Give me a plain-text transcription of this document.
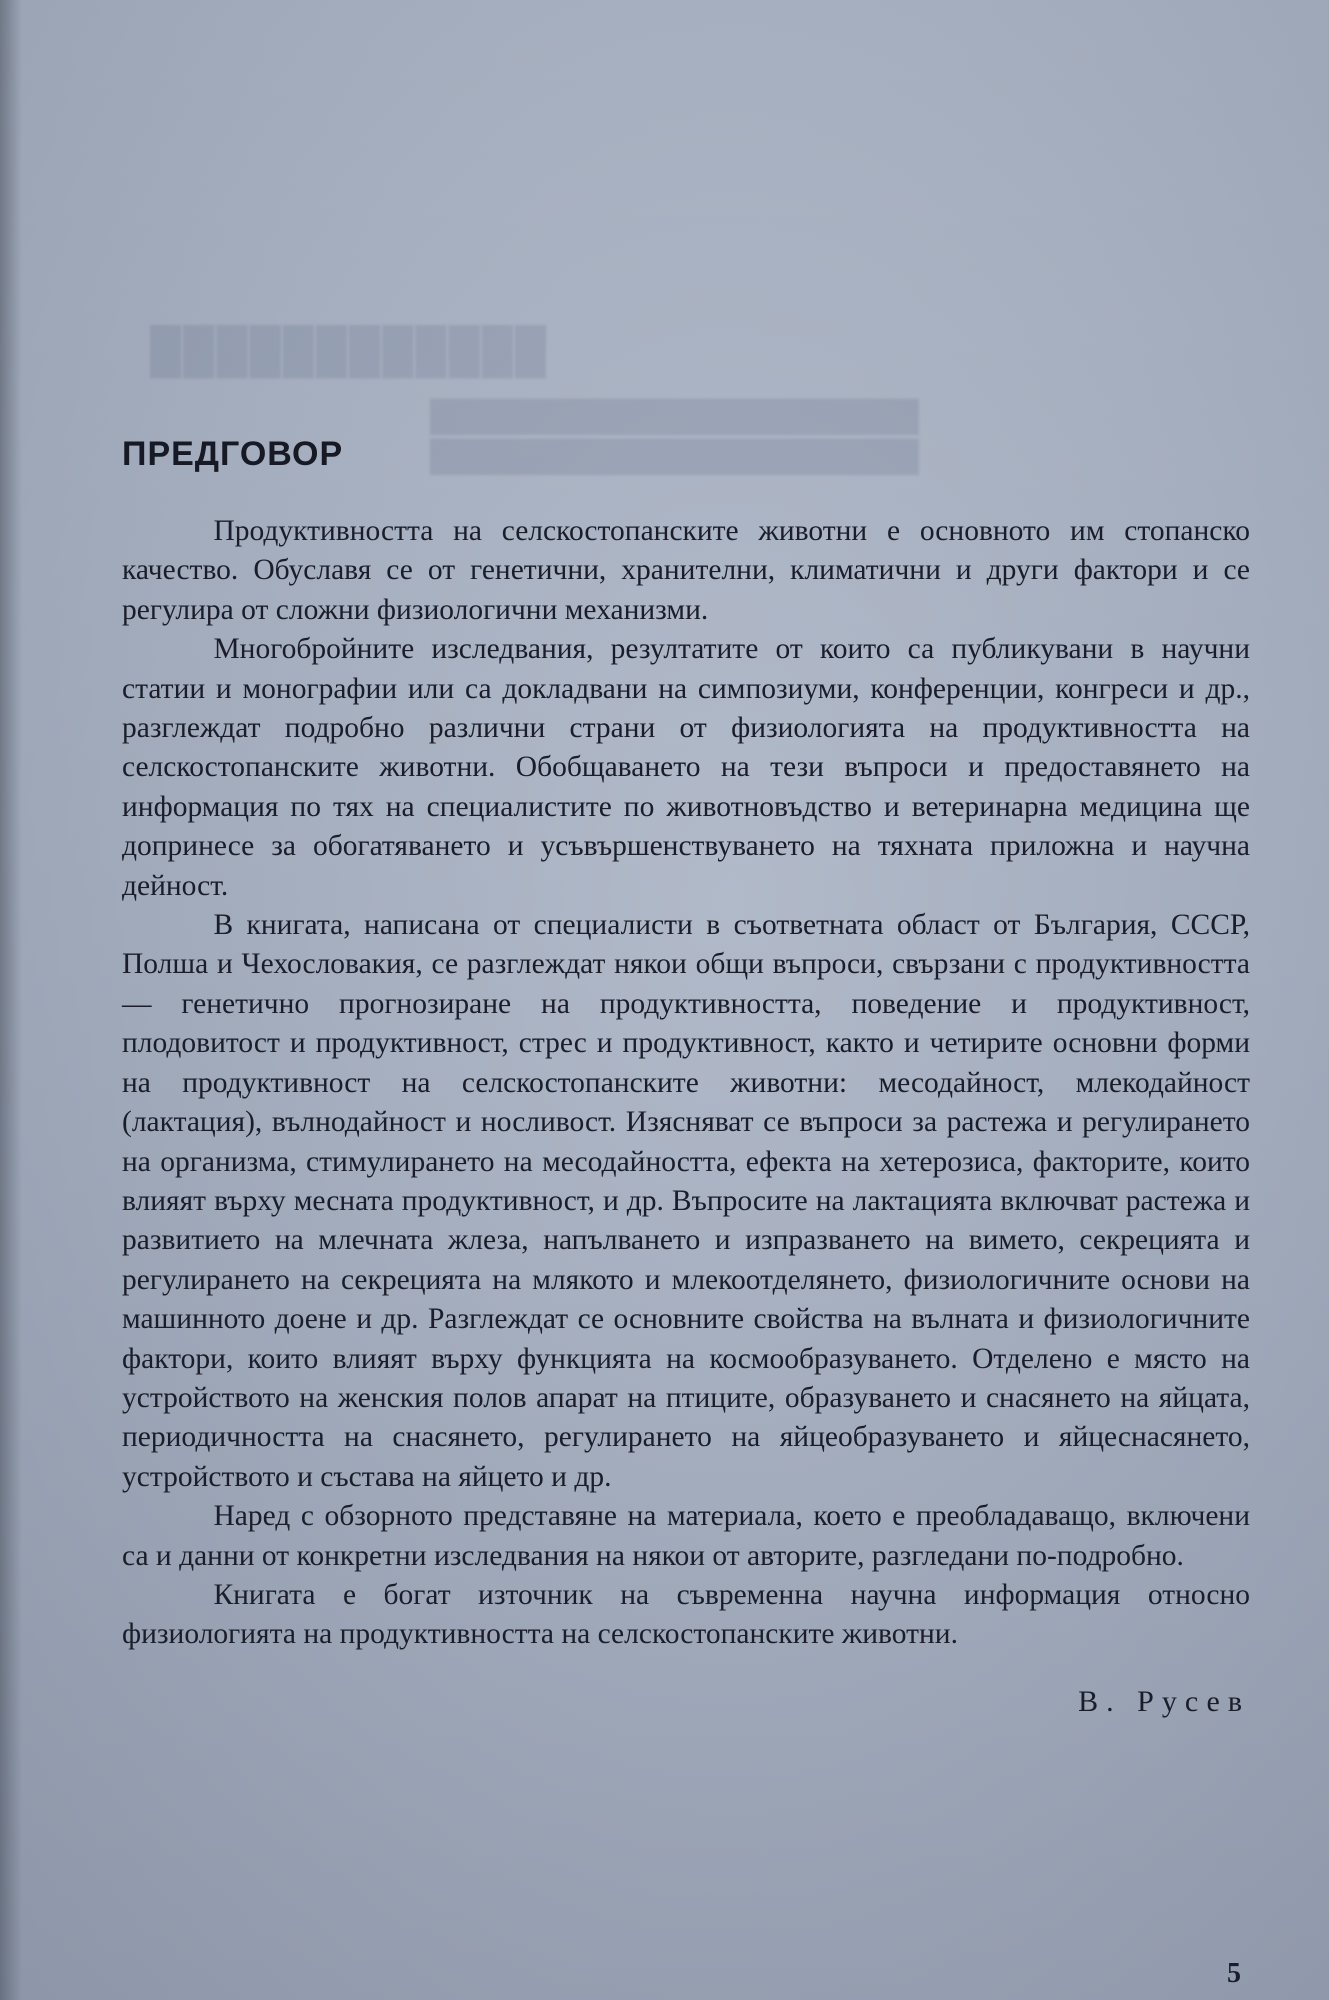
████████████
███████████████████████
███████████████████████
ПРЕДГОВОР

Продуктивността на селскостопанските животни е основното им стопанско качество. Обуславя се от генетични, хранителни, климатични и други фактори и се регулира от сложни физиологични механизми.

Многобройните изследвания, резултатите от които са публикувани в научни статии и монографии или са докладвани на симпозиуми, конференции, конгреси и др., разглеждат подробно различни страни от физиологията на продуктивността на селскостопанските животни. Обобщаването на тези въпроси и предоставянето на информация по тях на специалистите по животновъдство и ветеринарна медицина ще допринесе за обогатяването и усъвършенствуването на тяхната приложна и научна дейност.

В книгата, написана от специалисти в съответната област от България, СССР, Полша и Чехословакия, се разглеждат някои общи въпроси, свързани с продуктивността — генетично прогнозиране на продуктивността, поведение и продуктивност, плодовитост и продуктивност, стрес и продуктивност, както и четирите основни форми на продуктивност на селскостопанските животни: месодайност, млекодайност (лактация), вълнодайност и носливост. Изясняват се въпроси за растежа и регулирането на организма, стимулирането на месодайността, ефекта на хетерозиса, факторите, които влияят върху месната продуктивност, и др. Въпросите на лактацията включват растежа и развитието на млечната жлеза, напълването и изпразването на вимето, секрецията и регулирането на секрецията на млякото и млекоотделянето, физиологичните основи на машинното доене и др. Разглеждат се основните свойства на вълната и физиологичните фактори, които влияят върху функцията на космообразуването. Отделено е място на устройството на женския полов апарат на птиците, образуването и снасянето на яйцата, периодичността на снасянето, регулирането на яйцеобразуването и яйцеснасянето, устройството и състава на яйцето и др.

Наред с обзорното представяне на материала, което е преобладаващо, включени са и данни от конкретни изследвания на някои от авторите, разгледани по-подробно.

Книгата е богат източник на съвременна научна информация относно физиологията на продуктивността на селскостопанските животни.

В. Русев
5
